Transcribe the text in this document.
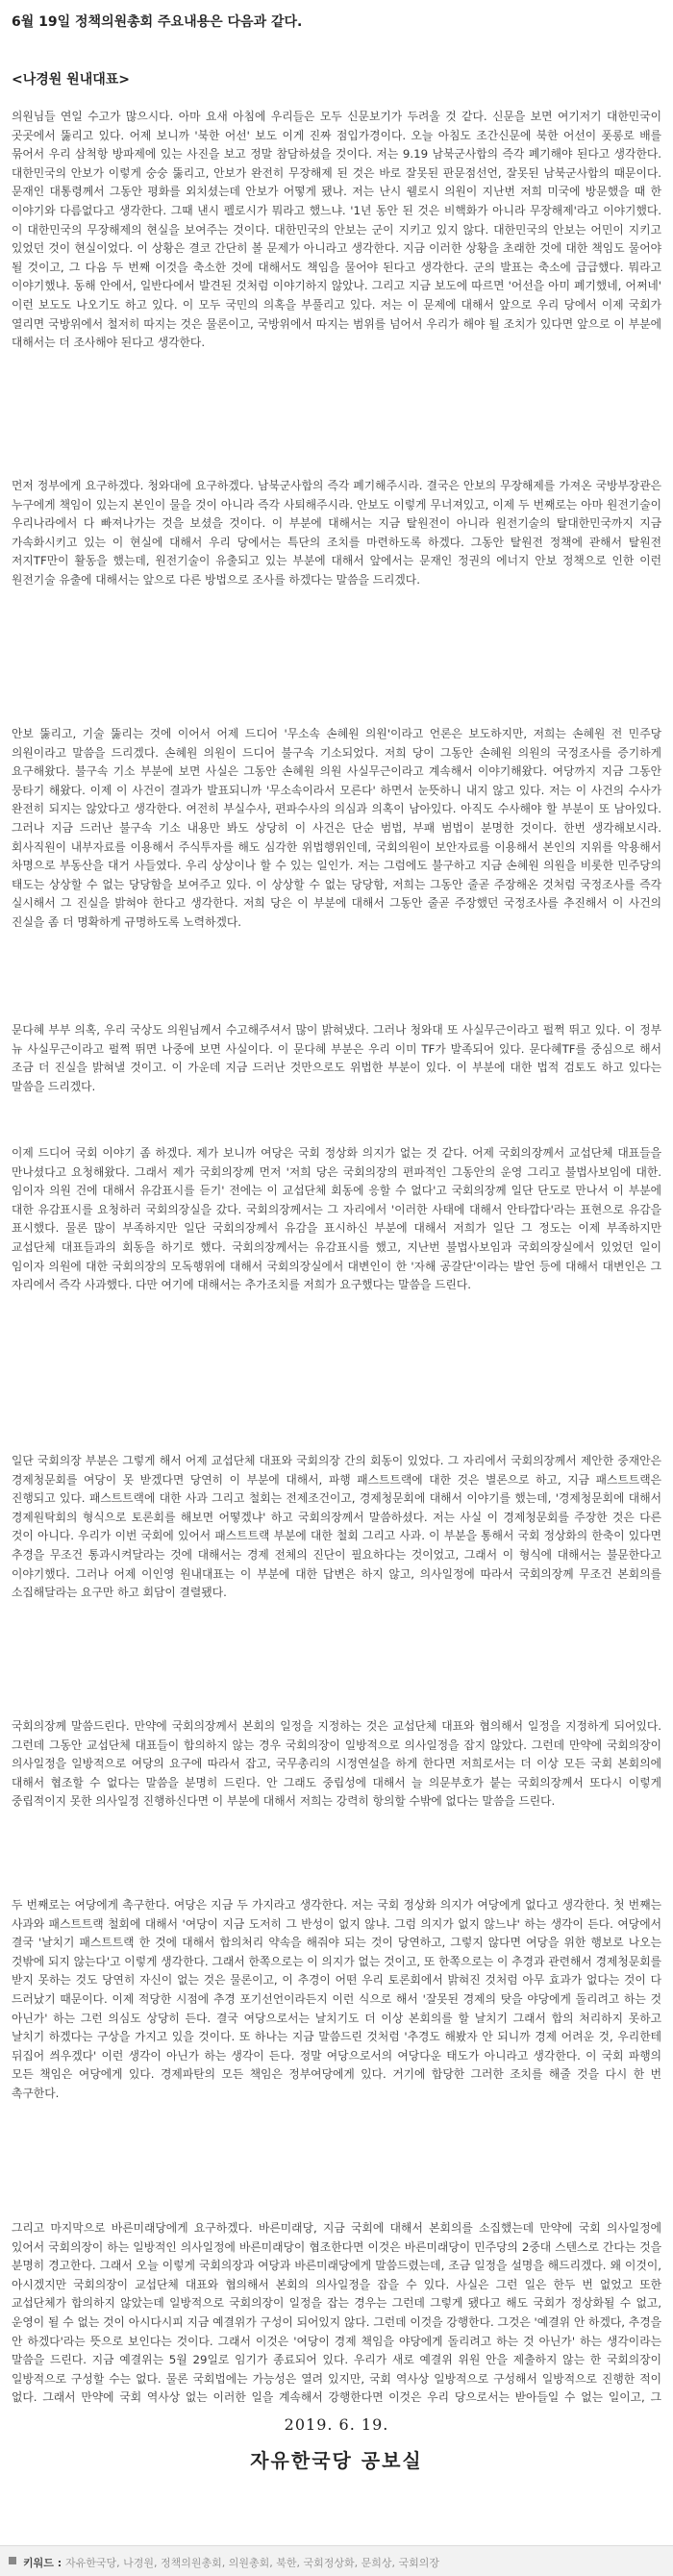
6월 19일 정책의원총회 주요내용은 다음과 같다.
<나경원 원내대표>
의원님들 연일 수고가 많으시다. 아마 요새 아침에 우리들은 모두 신문보기가 두려울 것 같다. 신문을 보면 여기저기 대한민국이 곳곳에서 뚫리고 있다. 어제 보니까 '북한 어선' 보도 이게 진짜 점입가경이다. 오늘 아침도 조간신문에 북한 어선이 폿롱로 배를 묶어서 우리 삼척항 방파제에 있는 사진을 보고 정말 참담하셨을 것이다. 저는 9.19 남북군사합의 즉각 폐기해야 된다고 생각한다. 대한민국의 안보가 이렇게 숭숭 뚫리고, 안보가 완전히 무장해제 된 것은 바로 잘못된 판문점선언, 잘못된 남북군사합의 때문이다. 문재인 대통령께서 그동안 평화를 외치셨는데 안보가 어떻게 됐나. 저는 난시 웰로시 의원이 지난번 저희 미국에 방문했을 때 한 이야기와 다름없다고 생각한다. 그때 낸시 펠로시가 뭐라고 했느냐. '1년 동안 된 것은 비핵화가 아니라 무장해제'라고 이야기했다. 이 대한민국의 무장해제의 현실을 보여주는 것이다. 대한민국의 안보는 군이 지키고 있지 않다. 대한민국의 안보는 어민이 지키고 있었던 것이 현실이었다. 이 상황은 결코 간단히 볼 문제가 아니라고 생각한다. 지금 이러한 상황을 초래한 것에 대한 책임도 물어야 될 것이고, 그 다음 두 번째 이것을 축소한 것에 대해서도 책임을 물어야 된다고 생각한다. 군의 발표는 축소에 급급했다. 뭐라고 이야기했냐. 동해 안에서, 일반다에서 발견된 것처럼 이야기하지 않았나. 그리고 지금 보도에 따르면 '어선을 아미 폐기했네, 어쩌네' 이런 보도도 나오기도 하고 있다. 이 모두 국민의 의혹을 부풀리고 있다. 저는 이 문제에 대해서 앞으로 우리 당에서 이제 국회가 열리면 국방위에서 철저히 따지는 것은 물론이고, 국방위에서 따지는 범위를 넘어서 우리가 해야 될 조치가 있다면 앞으로 이 부분에 대해서는 더 조사해야 된다고 생각한다.
먼저 정부에게 요구하겠다. 청와대에 요구하겠다. 남북군사합의 즉각 폐기해주시라. 결국은 안보의 무장해제를 가져온 국방부장관은 누구에게 책임이 있는지 본인이 물을 것이 아니라 즉각 사퇴해주시라. 안보도 이렇게 무너져있고, 이제 두 번째로는 아마 원전기술이 우리나라에서 다 빠져나가는 것을 보셨을 것이다. 이 부분에 대해서는 지금 탈원전이 아니라 원전기술의 탈대한민국까지 지금 가속화시키고 있는 이 현실에 대해서 우리 당에서는 특단의 조치를 마련하도록 하겠다. 그동안 탈원전 정책에 관해서 탈원전 저지TF만이 활동을 했는데, 원전기술이 유출되고 있는 부분에 대해서 앞에서는 문재인 정권의 에너지 안보 정책으로 인한 이런 원전기술 유출에 대해서는 앞으로 다른 방법으로 조사를 하겠다는 말씀을 드리겠다.
안보 뚫리고, 기술 뚫리는 것에 이어서 어제 드디어 '무소속 손혜원 의원'이라고 언론은 보도하지만, 저희는 손혜원 전 민주당 의원이라고 말씀을 드리겠다. 손혜원 의원이 드디어 불구속 기소되었다. 저희 당이 그동안 손혜원 의원의 국정조사를 증기하게 요구해왔다. 불구속 기소 부분에 보면 사실은 그동안 손혜원 의원 사실무근이라고 계속해서 이야기해왔다. 여당까지 지금 그동안 뭉타기 해왔다. 이제 이 사건이 결과가 발표되니까 '무소속이라서 모른다' 하면서 눈뜻하니 내지 않고 있다. 저는 이 사건의 수사가 완전히 되지는 않았다고 생각한다. 여전히 부실수사, 편파수사의 의심과 의혹이 남아있다. 아직도 수사해야 할 부분이 또 남아있다. 그러나 지금 드러난 불구속 기소 내용만 봐도 상당히 이 사건은 단순 범법, 부패 범법이 분명한 것이다. 한번 생각해보시라. 회사직원이 내부자료를 이용해서 주식투자를 해도 심각한 위법행위인데, 국회의원이 보안자료를 이용해서 본인의 지위를 악용해서 차명으로 부동산을 대거 사들였다. 우리 상상이나 할 수 있는 일인가. 저는 그럼에도 불구하고 지금 손혜원 의원을 비롯한 민주당의 태도는 상상할 수 없는 당당함을 보여주고 있다. 이 상상할 수 없는 당당함, 저희는 그동안 줄곧 주장해온 것처럼 국정조사를 즉각 실시해서 그 진실을 밝혀야 한다고 생각한다. 저희 당은 이 부분에 대해서 그동안 줄곧 주장했던 국정조사를 추진해서 이 사건의 진실을 좀 더 명확하게 규명하도록 노력하겠다.
문다혜 부부 의혹, 우리 국상도 의원님께서 수고해주셔서 많이 밝혀냈다. 그러나 청와대 또 사실무근이라고 펄쩍 뛰고 있다. 이 정부 뉴 사실무근이라고 펄쩍 뛰면 나중에 보면 사실이다. 이 문다혜 부분은 우리 이미 TF가 발족되어 있다. 문다혜TF를 중심으로 해서 조금 더 진실을 밝혀낼 것이고. 이 가운데 지금 드러난 것만으로도 위법한 부분이 있다. 이 부분에 대한 법적 검토도 하고 있다는 말씀을 드리겠다.
이제 드디어 국회 이야기 좀 하겠다. 제가 보니까 여당은 국회 정상화 의지가 없는 것 같다. 어제 국회의장께서 교섭단체 대표들을 만나셨다고 요청해왔다. 그래서 제가 국회의장께 먼저 '저희 당은 국회의장의 편파적인 그동안의 운영 그리고 불법사보임에 대한. 임이자 의원 건에 대해서 유감표시를 듣기' 전에는 이 교섭단체 회동에 응할 수 없다'고 국회의장께 일단 단도로 만나서 이 부분에 대한 유감표시를 요청하러 국회의장실을 갔다. 국회의장께서는 그 자리에서 '이러한 사태에 대해서 안타깝다'라는 표현으로 유감을 표시했다. 물론 많이 부족하지만 일단 국회의장께서 유감을 표시하신 부분에 대해서 저희가 일단 그 정도는 이제 부족하지만 교섭단체 대표들과의 회동을 하기로 했다. 국회의장께서는 유감표시를 했고, 지난번 불법사보임과 국회의장실에서 있었던 일이 임이자 의원에 대한 국회의장의 모독행위에 대해서 국회의장실에서 대변인이 한 '자해 공갈단'이라는 발언 등에 대해서 대변인은 그 자리에서 즉각 사과했다. 다만 여기에 대해서는 추가조치를 저희가 요구했다는 말씀을 드린다.
일단 국회의장 부분은 그렇게 해서 어제 교섭단체 대표와 국회의장 간의 회동이 있었다. 그 자리에서 국회의장께서 제안한 중재안은 경제청문회를 여당이 못 받겠다면 당연히 이 부분에 대해서, 파행 패스트트랙에 대한 것은 별론으로 하고, 지금 패스트트랙은 진행되고 있다. 패스트트랙에 대한 사과 그리고 철회는 전제조건이고, 경제청문회에 대해서 이야기를 했는데, '경제청문회에 대해서 경제원탁회의 형식으로 토론회를 해보면 어떻겠냐' 하고 국회의장께서 말씀하셨다. 저는 사실 이 경제청문회를 주장한 것은 다른 것이 아니다. 우리가 이번 국회에 있어서 패스트트랙 부분에 대한 철회 그리고 사과. 이 부분을 통해서 국회 정상화의 한축이 있다면 추경을 무조건 통과시켜달라는 것에 대해서는 경제 전체의 진단이 필요하다는 것이었고, 그래서 이 형식에 대해서는 불문한다고 이야기했다. 그러나 어제 이인영 원내대표는 이 부분에 대한 답변은 하지 않고, 의사일정에 따라서 국회의장께 무조건 본회의를 소집해달라는 요구만 하고 회담이 결렬됐다.
국회의장께 말씀드린다. 만약에 국회의장께서 본회의 일정을 지정하는 것은 교섭단체 대표와 협의해서 일정을 지정하게 되어있다. 그런데 그동안 교섭단체 대표들이 합의하지 않는 경우 국회의장이 일방적으로 의사일정을 잡지 않았다. 그런데 만약에 국회의장이 의사일정을 일방적으로 여당의 요구에 따라서 잡고, 국무총리의 시정연설을 하게 한다면 저희로서는 더 이상 모든 국회 본회의에 대해서 협조할 수 없다는 말씀을 분명히 드린다. 안 그래도 중립성에 대해서 늘 의문부호가 붙는 국회의장께서 또다시 이렇게 중립적이지 못한 의사일정 진행하신다면 이 부분에 대해서 저희는 강력히 항의할 수밖에 없다는 말씀을 드린다.
두 번째로는 여당에게 촉구한다. 여당은 지금 두 가지라고 생각한다. 저는 국회 정상화 의지가 여당에게 없다고 생각한다. 첫 번째는 사과와 패스트트랙 철회에 대해서 '여당이 지금 도저히 그 반성이 없지 않냐. 그럼 의지가 없지 않느냐' 하는 생각이 든다. 여당에서 결국 '날치기 패스트트랙 한 것에 대해서 합의처리 약속을 해줘야 되는 것이 당연하고, 그렇지 않다면 여당을 위한 행보로 나오는 것밖에 되지 않는다'고 이렇게 생각한다. 그래서 한쪽으로는 이 의지가 없는 것이고, 또 한쪽으로는 이 추경과 관련해서 경제청문회를 받지 못하는 것도 당연히 자신이 없는 것은 물론이고, 이 추경이 어떤 우리 토론회에서 밝혀진 것처럼 아무 효과가 없다는 것이 다 드러났기 때문이다. 이제 적당한 시점에 추경 포기선언이라든지 이런 식으로 해서 '잘못된 경제의 탓을 야당에게 돌리려고 하는 것 아닌가' 하는 그런 의심도 상당히 든다. 결국 여당으로서는 날치기도 더 이상 본회의를 할 날치기 그래서 합의 처리하지 못하고 날치기 하겠다는 구상을 가지고 있을 것이다. 또 하나는 지금 말씀드린 것처럼 '추경도 해봤자 안 되니까 경제 어려운 것, 우리한테 뒤집어 씌우겠다' 이런 생각이 아닌가 하는 생각이 든다. 정말 여당으로서의 여당다운 태도가 아니라고 생각한다. 이 국회 파행의 모든 책임은 여당에게 있다. 경제파탄의 모든 책임은 정부여당에게 있다. 거기에 합당한 그러한 조치를 해줄 것을 다시 한 번 촉구한다.
그리고 마지막으로 바른미래당에게 요구하겠다. 바른미래당, 지금 국회에 대해서 본회의를 소집했는데 만약에 국회 의사일정에 있어서 국회의장이 하는 일방적인 의사일정에 바른미래당이 협조한다면 이것은 바른미래당이 민주당의 2중대 스텐스로 간다는 것을 분명히 경고한다. 그래서 오늘 이렇게 국회의장과 여당과 바른미래당에게 말씀드렸는데, 조금 일정을 설명을 해드리겠다. 왜 이것이, 아시겠지만 국회의장이 교섭단체 대표와 협의해서 본회의 의사일정을 잡을 수 있다. 사실은 그런 일은 한두 번 없었고 또한 교섭단체가 합의하지 않았는데 일방적으로 국회의장이 일정을 잡는 경우는 그런데 그렇게 됐다고 해도 국회가 정상화될 수 없고, 운영이 될 수 없는 것이 아시다시피 지금 예결위가 구성이 되어있지 않다. 그런데 이것을 강행한다. 그것은 '예결위 안 하겠다, 추경을 안 하겠다'라는 뜻으로 보인다는 것이다. 그래서 이것은 '여당이 경제 책임을 야당에게 돌리려고 하는 것 아닌가' 하는 생각이라는 말씀을 드린다. 지금 예결위는 5월 29일로 임기가 종료되어 있다. 우리가 새로 예결위 위원 안을 제출하지 않는 한 국회의장이 일방적으로 구성할 수는 없다. 물론 국회법에는 가능성은 열려 있지만, 국회 역사상 일방적으로 구성해서 일방적으로 진행한 적이 없다. 그래서 만약에 국회 역사상 없는 이러한 일을 계속해서 강행한다면 이것은 우리 당으로서는 받아들일 수 없는 일이고, 그
2019. 6. 19.
자유한국당 공보실
키워드 : 자유한국당, 나경원, 정책의원총회, 의원총회, 북한, 국회정상화, 문희상, 국회의장
